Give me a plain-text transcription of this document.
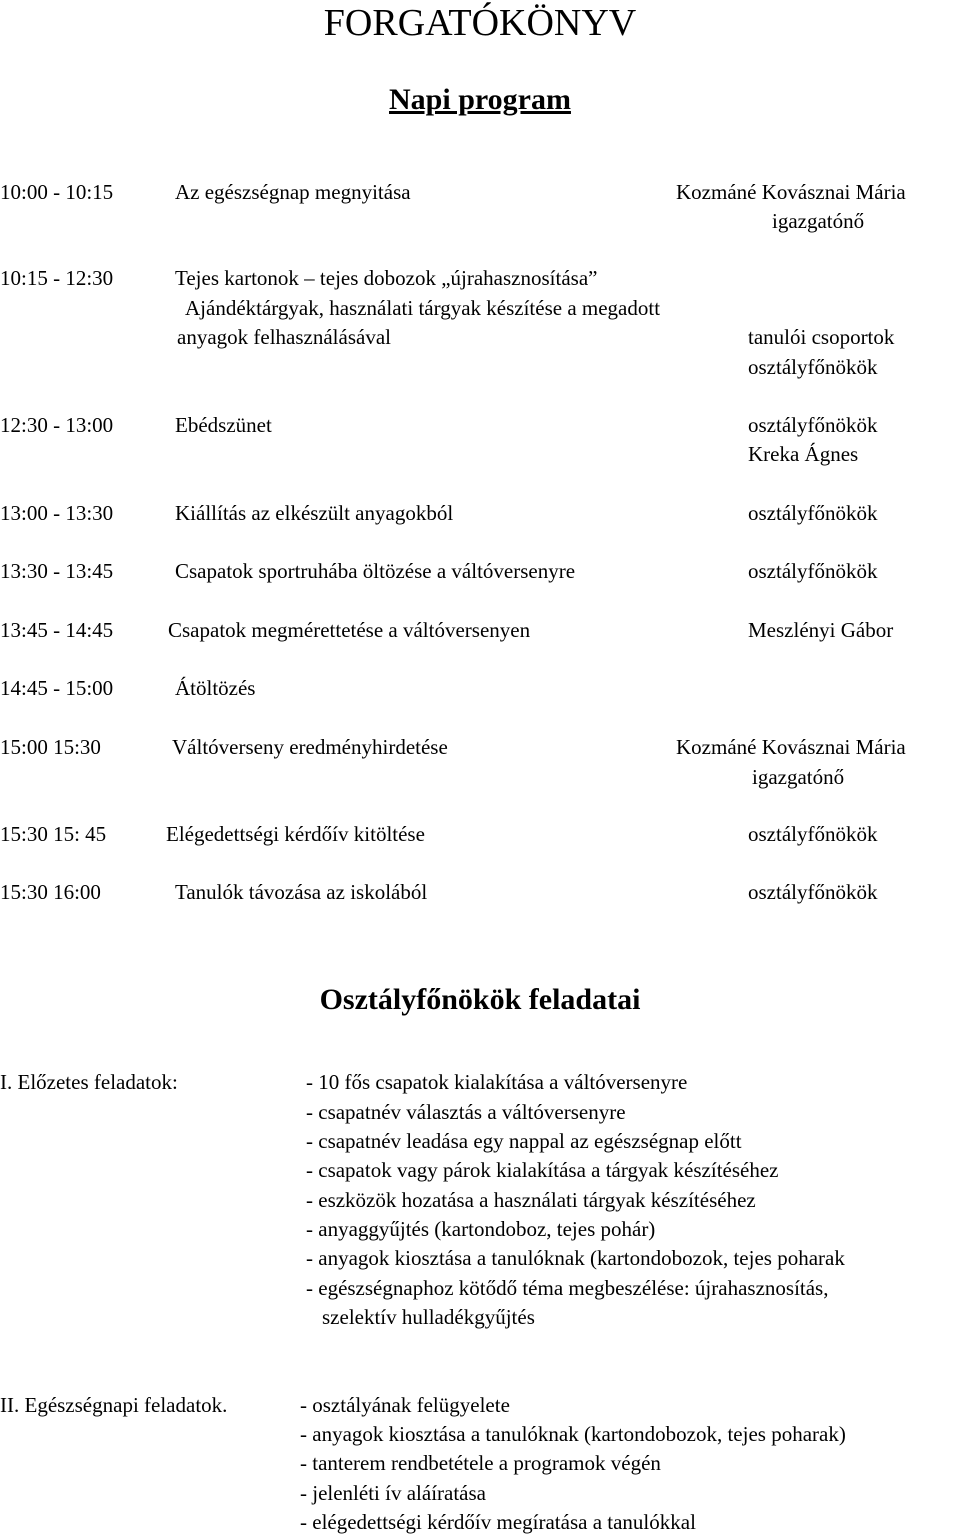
FORGATÓKÖNYV
Napi program
10:00 - 10:15	Az egészségnap megnyitása	Kozmáné Kovásznai Mária
igazgatónő
10:15 - 12:30	Tejes kartonok – tejes dobozok „újrahasznosítása”
Ajándéktárgyak, használati tárgyak készítése a megadott
anyagok felhasználásával	tanulói csoportok
osztályfőnökök
12:30 - 13:00	Ebédszünet	osztályfőnökök
Kreka Ágnes
13:00 - 13:30	Kiállítás az elkészült anyagokból	osztályfőnökök
13:30 - 13:45	Csapatok sportruhába öltözése a váltóversenyre	osztályfőnökök
13:45 - 14:45	Csapatok megmérettetése a váltóversenyen	Meszlényi Gábor
14:45 - 15:00	Átöltözés
15:00 15:30	Váltóverseny eredményhirdetése	Kozmáné Kovásznai Mária
igazgatónő
15:30 15: 45	Elégedettségi kérdőív kitöltése	osztályfőnökök
15:30 16:00	Tanulók távozása az iskolából	osztályfőnökök
Osztályfőnökök feladatai
I. Előzetes feladatok:	- 10 fős csapatok kialakítása a váltóversenyre
- csapatnév választás a váltóversenyre
- csapatnév leadása egy nappal az egészségnap előtt
- csapatok vagy párok kialakítása a tárgyak készítéséhez
- eszközök hozatása a használati tárgyak készítéséhez
- anyaggyűjtés (kartondoboz, tejes pohár)
- anyagok kiosztása a tanulóknak (kartondobozok, tejes poharak
- egészségnaphoz kötődő téma megbeszélése: újrahasznosítás,
szelektív hulladékgyűjtés
II. Egészségnapi feladatok.	- osztályának felügyelete
- anyagok kiosztása a tanulóknak (kartondobozok, tejes poharak)
- tanterem rendbetétele a programok végén
- jelenléti ív aláíratása
- elégedettségi kérdőív megíratása a tanulókkal
